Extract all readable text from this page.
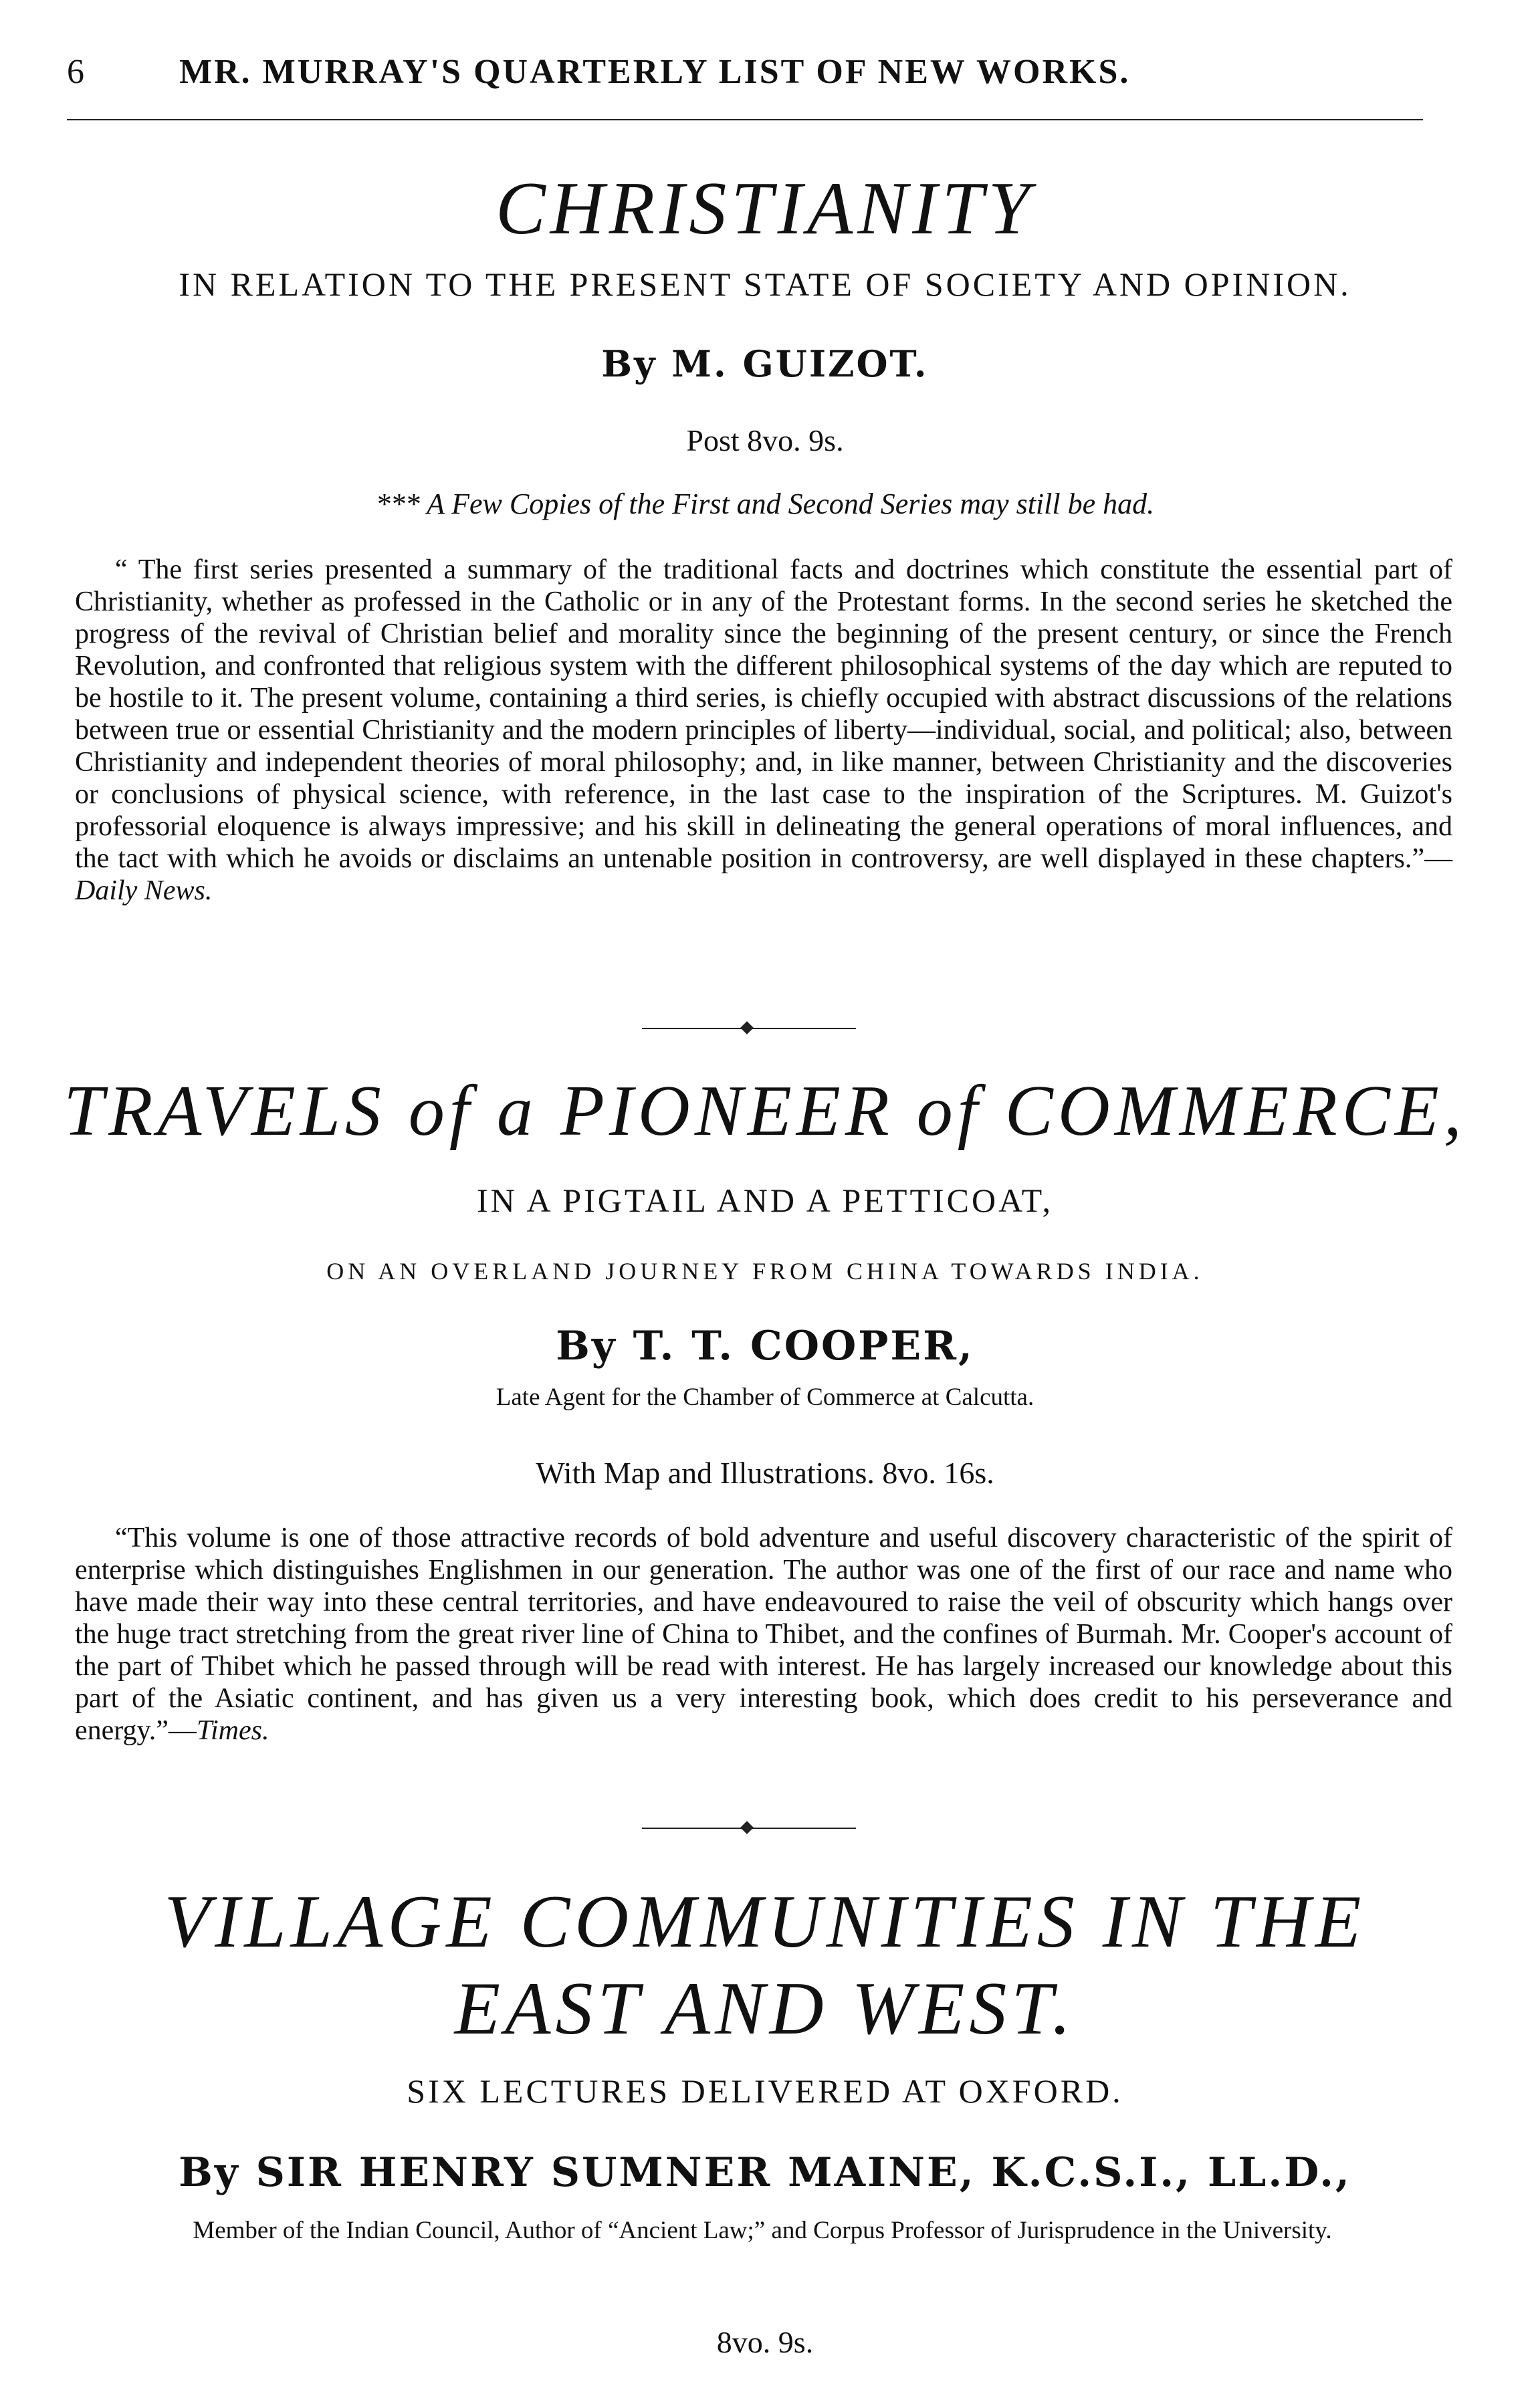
6	MR. MURRAY'S QUARTERLY LIST OF NEW WORKS.
CHRISTIANITY
IN RELATION TO THE PRESENT STATE OF SOCIETY AND OPINION.
By M. GUIZOT.
Post 8vo. 9s.
*** A Few Copies of the First and Second Series may still be had.
“ The first series presented a summary of the traditional facts and doctrines which constitute the essential part of Christianity, whether as professed in the Catholic or in any of the Protestant forms. In the second series he sketched the progress of the revival of Christian belief and morality since the beginning of the present century, or since the French Revolution, and confronted that religious system with the different philosophical systems of the day which are reputed to be hostile to it. The present volume, containing a third series, is chiefly occupied with abstract discussions of the relations between true or essential Christianity and the modern principles of liberty—individual, social, and political; also, between Christianity and independent theories of moral philosophy; and, in like manner, between Christianity and the discoveries or conclusions of physical science, with reference, in the last case to the inspiration of the Scriptures. M. Guizot's professorial eloquence is always impressive; and his skill in delineating the general operations of moral influences, and the tact with which he avoids or disclaims an untenable position in controversy, are well displayed in these chapters.”—Daily News.
TRAVELS of a PIONEER of COMMERCE,
IN A PIGTAIL AND A PETTICOAT,
ON AN OVERLAND JOURNEY FROM CHINA TOWARDS INDIA.
By T. T. COOPER,
Late Agent for the Chamber of Commerce at Calcutta.
With Map and Illustrations. 8vo. 16s.
“This volume is one of those attractive records of bold adventure and useful discovery characteristic of the spirit of enterprise which distinguishes Englishmen in our generation. The author was one of the first of our race and name who have made their way into these central territories, and have endeavoured to raise the veil of obscurity which hangs over the huge tract stretching from the great river line of China to Thibet, and the confines of Burmah. Mr. Cooper's account of the part of Thibet which he passed through will be read with interest. He has largely increased our knowledge about this part of the Asiatic continent, and has given us a very interesting book, which does credit to his perseverance and energy.”—Times.
VILLAGE COMMUNITIES IN THE
EAST AND WEST.
SIX LECTURES DELIVERED AT OXFORD.
By SIR HENRY SUMNER MAINE, K.C.S.I., LL.D.,
Member of the Indian Council, Author of “Ancient Law;” and Corpus Professor of Jurisprudence in the University.
8vo. 9s.
